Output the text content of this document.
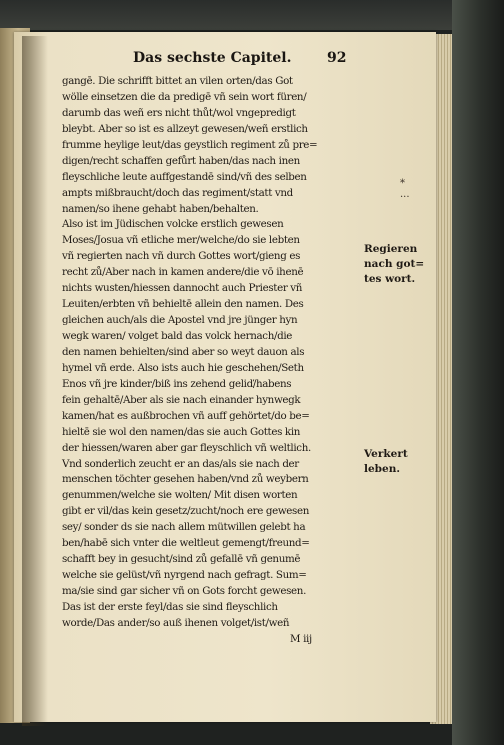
Das sechste Capitel.	92
gangē. Die schrifft bittet an vilen orten/das Got
wölle einsetzen die da predigē vñ sein wort füren/
darumb das weñ ers nicht thůt/wol vngepredigt
bleybt. Aber so ist es allzeyt gewesen/weñ erstlich
frumme heylige leut/das geystlich regiment zů pre=
digen/recht schaffen gefůrt haben/das nach inen
fleyschliche leute auffgestandē sind/vñ des selben
ampts mißbraucht/doch das regiment/statt vnd
namen/so ihene gehabt haben/behalten.
Also ist im Jüdischen volcke erstlich gewesen
Moses/Josua vñ etliche mer/welche/do sie lebten
vñ regierten nach vñ durch Gottes wort/gieng es
recht zů/Aber nach in kamen andere/die vō ihenē
nichts wusten/hiessen dannocht auch Priester vñ
Leuiten/erbten vñ behieltē allein den namen. Des
gleichen auch/als die Apostel vnd jre jünger hyn
wegk waren/ volget bald das volck hernach/die
den namen behielten/sind aber so weyt dauon als
hymel vñ erde. Also ists auch hie geschehen/Seth
Enos vñ jre kinder/biß ins zehend geliď/habens
fein gehaltē/Aber als sie nach einander hynwegk
kamen/hat es außbrochen vñ auff gehörtet/do be=
hieltē sie wol den namen/das sie auch Gottes kin
der hiessen/waren aber gar fleyschlich vñ weltlich.
Vnd sonderlich zeucht er an das/als sie nach der
menschen töchter gesehen haben/vnd zů weybern
genummen/welche sie wolten/ Mit disen worten
gibt er vil/das kein gesetz/zucht/noch ere gewesen
sey/ sonder ds sie nach allem mütwillen gelebt ha
ben/habē sich vnter die weltleut gemengt/freund=
schafft bey in gesucht/sind zů gefallē vñ genumē
welche sie gelüst/vñ nyrgend nach gefragt. Sum=
ma/sie sind gar sicher vñ on Gots forcht gewesen.
Das ist der erste feyl/das sie sind fleyschlich
worde/Das ander/so auß ihenen volget/ist/weñ
M iij
*
...
Regieren
nach got=
tes wort.
Verkert
leben.
